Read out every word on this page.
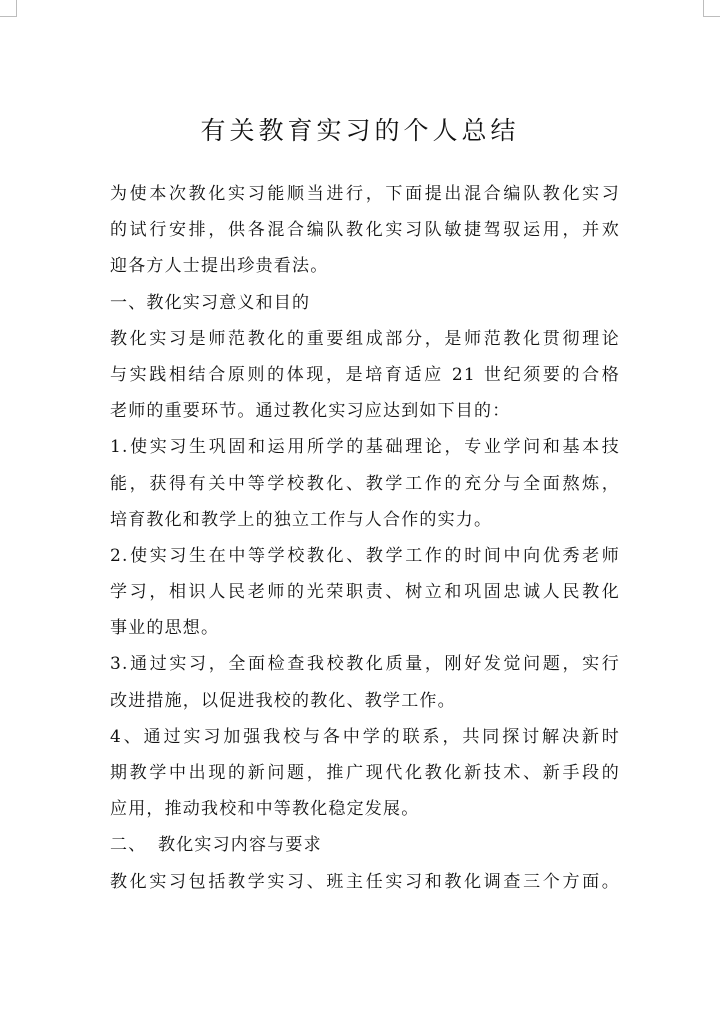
有关教育实习的个人总结
为使本次教化实习能顺当进行，下面提出混合编队教化实习
的试行安排，供各混合编队教化实习队敏捷驾驭运用，并欢
迎各方人士提出珍贵看法。
一、教化实习意义和目的
教化实习是师范教化的重要组成部分，是师范教化贯彻理论
与实践相结合原则的体现，是培育适应 21 世纪须要的合格
老师的重要环节。通过教化实习应达到如下目的：
1.使实习生巩固和运用所学的基础理论，专业学问和基本技
能，获得有关中等学校教化、教学工作的充分与全面熬炼，
培育教化和教学上的独立工作与人合作的实力。
2.使实习生在中等学校教化、教学工作的时间中向优秀老师
学习，相识人民老师的光荣职责、树立和巩固忠诚人民教化
事业的思想。
3.通过实习，全面检查我校教化质量，刚好发觉问题，实行
改进措施，以促进我校的教化、教学工作。
4、通过实习加强我校与各中学的联系，共同探讨解决新时
期教学中出现的新问题，推广现代化教化新技术、新手段的
应用，推动我校和中等教化稳定发展。
二、 教化实习内容与要求
教化实习包括教学实习、班主任实习和教化调查三个方面。
